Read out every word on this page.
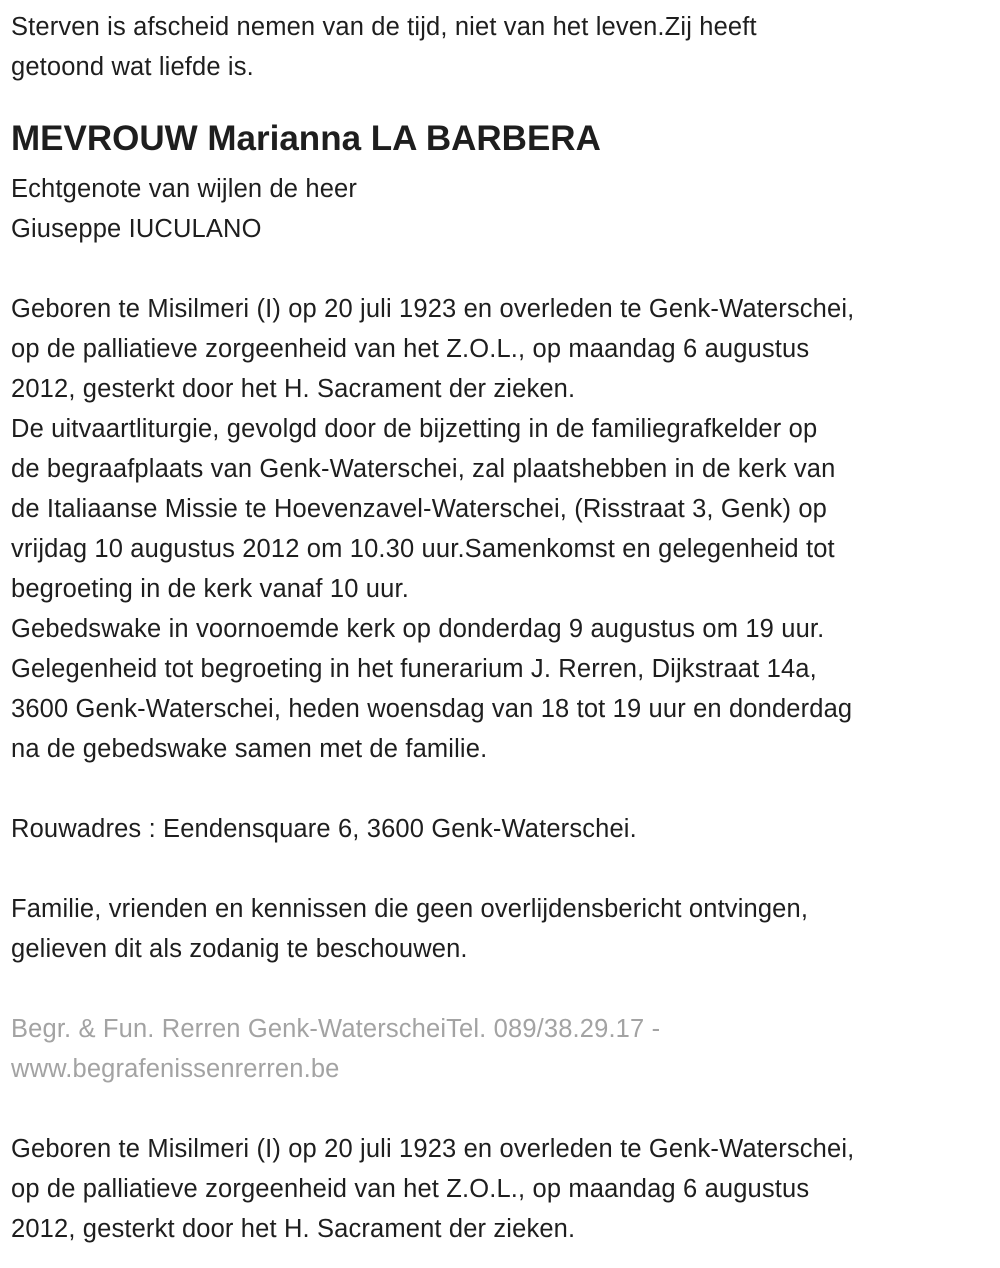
Sterven is afscheid nemen van de tijd, niet van het leven.Zij heeft
getoond wat liefde is.
MEVROUW Marianna LA BARBERA
Echtgenote van wijlen de heer
Giuseppe IUCULANO
Geboren te Misilmeri (I) op 20 juli 1923 en overleden te Genk-Waterschei,
op de palliatieve zorgeenheid van het Z.O.L., op maandag 6 augustus
2012, gesterkt door het H. Sacrament der zieken.
De uitvaartliturgie, gevolgd door de bijzetting in de familiegrafkelder op
de begraafplaats van Genk-Waterschei, zal plaatshebben in de kerk van
de Italiaanse Missie te Hoevenzavel-Waterschei, (Risstraat 3, Genk) op
vrijdag 10 augustus 2012 om 10.30 uur.Samenkomst en gelegenheid tot
begroeting in de kerk vanaf 10 uur.
Gebedswake in voornoemde kerk op donderdag 9 augustus om 19 uur.
Gelegenheid tot begroeting in het funerarium J. Rerren, Dijkstraat 14a,
3600 Genk-Waterschei, heden woensdag van 18 tot 19 uur en donderdag
na de gebedswake samen met de familie.
Rouwadres : Eendensquare 6, 3600 Genk-Waterschei.
Familie, vrienden en kennissen die geen overlijdensbericht ontvingen,
gelieven dit als zodanig te beschouwen.
Begr. & Fun. Rerren Genk-WaterscheiTel. 089/38.29.17 -
www.begrafenissenrerren.be
Geboren te Misilmeri (I) op 20 juli 1923 en overleden te Genk-Waterschei,
op de palliatieve zorgeenheid van het Z.O.L., op maandag 6 augustus
2012, gesterkt door het H. Sacrament der zieken.
